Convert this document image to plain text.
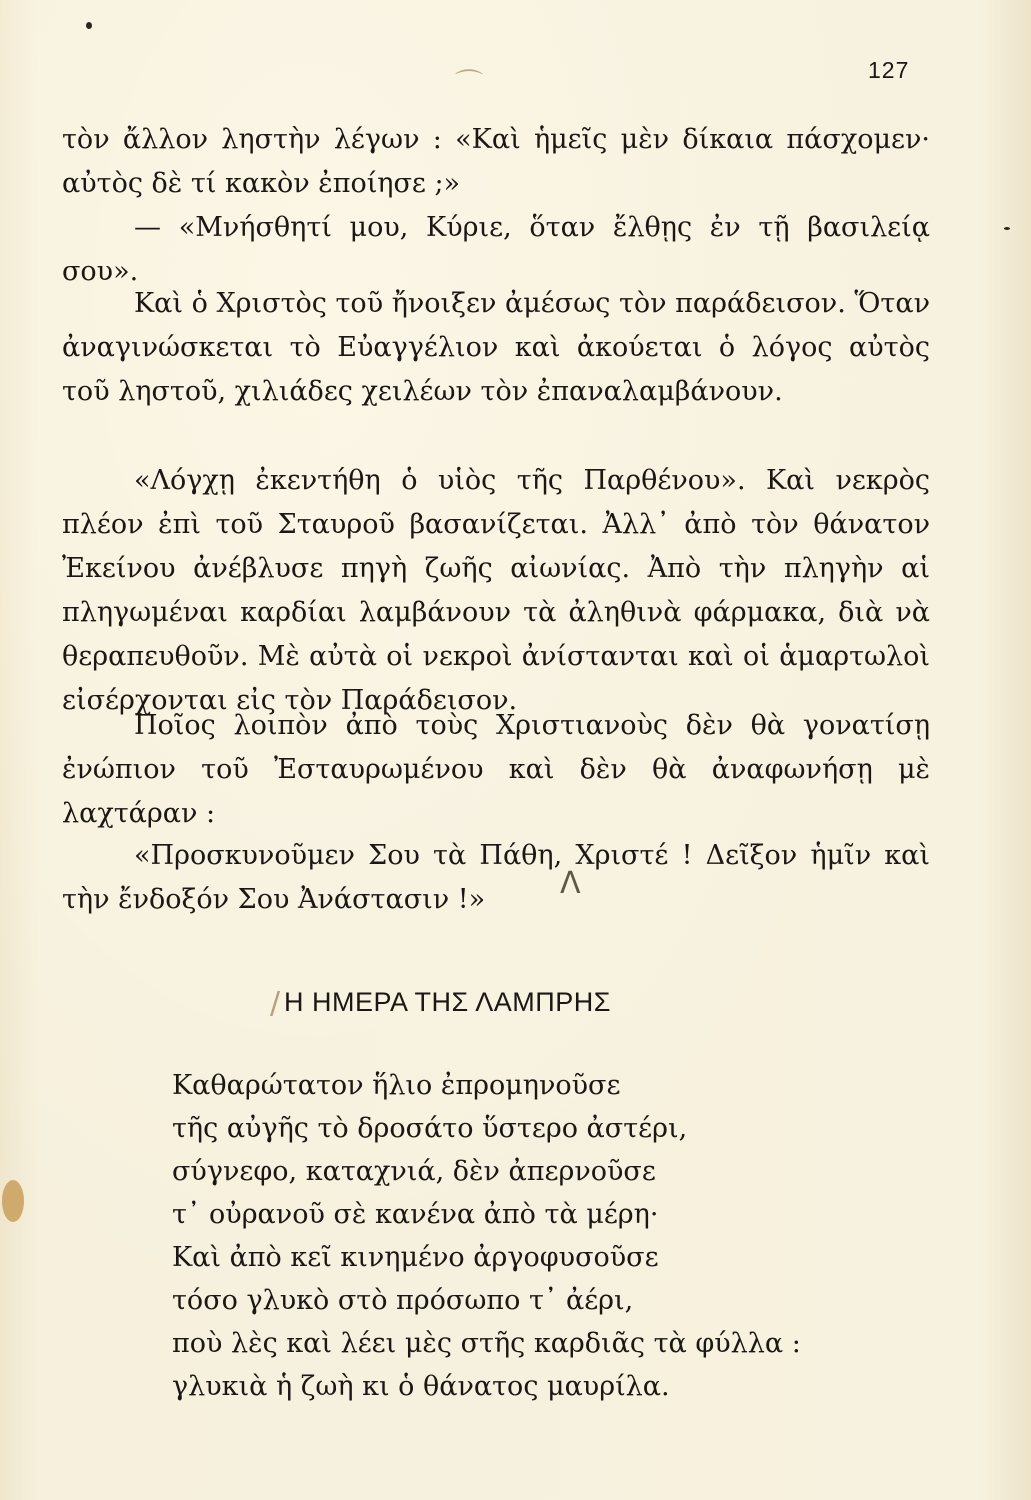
127

τὸν ἄλλον ληστὴν λέγων : «Καὶ ἡμεῖς μὲν δίκαια πάσχομεν· αὐτὸς δὲ τί κακὸν ἐποίησε ;»

— «Μνήσθητί μου, Κύριε, ὅταν ἔλθῃς ἐν τῇ βασιλείᾳ σου».

Καὶ ὁ Χριστὸς τοῦ ἤνοιξεν ἀμέσως τὸν παράδεισον. Ὅταν ἀναγινώσκεται τὸ Εὐαγγέλιον καὶ ἀκούεται ὁ λόγος αὐτὸς τοῦ ληστοῦ, χιλιάδες χειλέων τὸν ἐπαναλαμβάνουν.

«Λόγχῃ ἐκεντήθη ὁ υἱὸς τῆς Παρθένου». Καὶ νεκρὸς πλέον ἐπὶ τοῦ Σταυροῦ βασανίζεται. Ἀλλ᾽ ἀπὸ τὸν θάνατον Ἐκείνου ἀνέβλυσε πηγὴ ζωῆς αἰωνίας. Ἀπὸ τὴν πληγὴν αἱ πληγωμέναι καρδίαι λαμβάνουν τὰ ἀληθινὰ φάρμακα, διὰ νὰ θεραπευθοῦν. Μὲ αὐτὰ οἱ νεκροὶ ἀνίστανται καὶ οἱ ἁμαρτωλοὶ εἰσέρχονται εἰς τὸν Παράδεισον.

Ποῖος λοιπὸν ἀπὸ τοὺς Χριστιανοὺς δὲν θὰ γονατίσῃ ἐνώπιον τοῦ Ἐσταυρωμένου καὶ δὲν θὰ ἀναφωνήσῃ μὲ λαχτάραν :

«Προσκυνοῦμεν Σου τὰ Πάθη, Χριστέ ! Δεῖξον ἡμῖν καὶ τὴν ἔνδοξόν Σου Ἀνάστασιν !»

Η ΗΜΕΡΑ ΤΗΣ ΛΑΜΠΡΗΣ
Καθαρώτατον ἥλιο ἐπρομηνοῦσε
τῆς αὐγῆς τὸ δροσάτο ὕστερο ἀστέρι,
σύγνεφο, καταχνιά, δὲν ἀπερνοῦσε
τ᾽ οὐρανοῦ σὲ κανένα ἀπὸ τὰ μέρη·
Καὶ ἀπὸ κεῖ κινημένο ἀργοφυσοῦσε
τόσο γλυκὸ στὸ πρόσωπο τ᾽ ἀέρι,
ποὺ λὲς καὶ λέει μὲς στῆς καρδιᾶς τὰ φύλλα :
γλυκιὰ ἡ ζωὴ κι ὁ θάνατος μαυρίλα.
⌒
Λ
/
